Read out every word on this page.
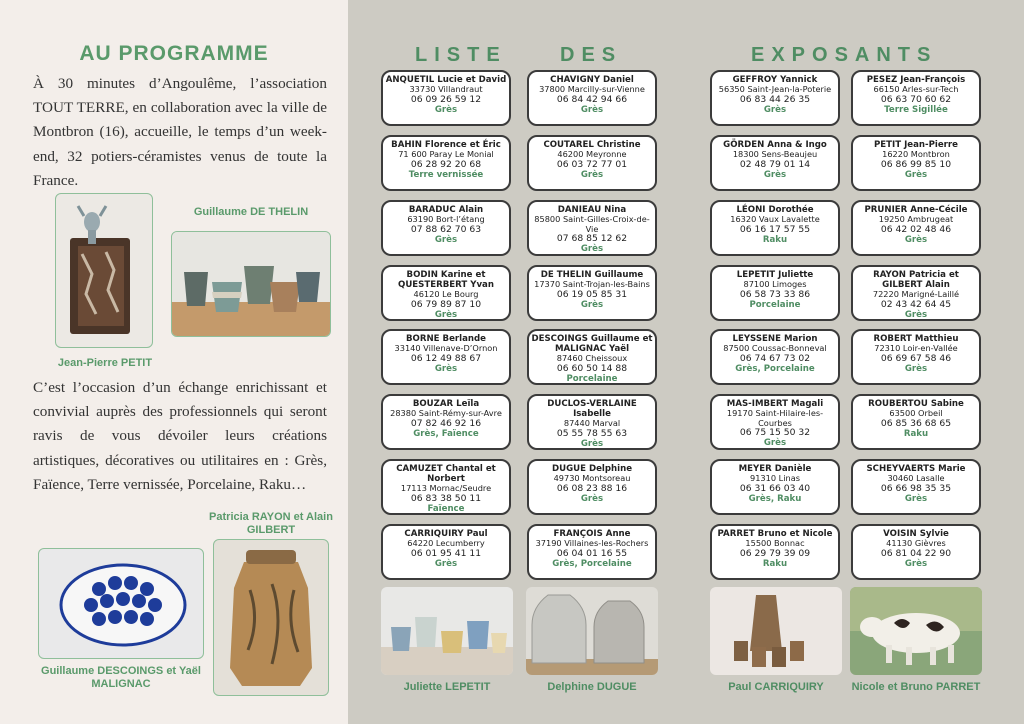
AU PROGRAMME

À 30 minutes d’Angoulême, l’association TOUT TERRE, en collaboration avec la ville de Montbron (16), accueille, le temps d’un week-end, 32 potiers-céramistes venus de toute la France.

Jean-Pierre PETIT
Guillaume DE THELIN

C’est l’occasion d’un échange enrichissant et convivial auprès des professionnels qui seront ravis de vous dévoiler leurs créations artistiques, décoratives ou utilitaires en : Grès, Faïence, Terre vernissée, Porcelaine, Raku…

Patricia RAYON et Alain GILBERT
Guillaume DESCOINGS et Yaël MALIGNAC
LISTE	DES	EXPOSANTS
ANQUETIL Lucie et David
33730 Villandraut
06 09 26 59 12
Grès
BAHIN Florence et Éric
71 600 Paray Le Monial
06 28 92 20 68
Terre vernissée
BARADUC Alain
63190 Bort-l’étang
07 88 62 70 63
Grès
BODIN Karine et QUESTERBERT Yvan
46120 Le Bourg
06 79 89 87 10
Grès
BORNE Berlande
33140 Villenave-D’Ornon
06 12 49 88 67
Grès
BOUZAR Leïla
28380 Saint-Rémy-sur-Avre
07 82 46 92 16
Grès, Faïence
CAMUZET Chantal et Norbert
17113 Mornac/Seudre
06 83 38 50 11
Faïence
CARRIQUIRY Paul
64220 Lecumberry
06 01 95 41 11
Grès
CHAVIGNY Daniel
37800 Marcilly-sur-Vienne
06 84 42 94 66
Grès
COUTAREL Christine
46200 Meyronne
06 03 72 77 01
Grès
DANIEAU Nina
85800 Saint-Gilles-Croix-de-Vie
07 68 85 12 62
Grès
DE THELIN Guillaume
17370 Saint-Trojan-les-Bains
06 19 05 85 31
Grès
DESCOINGS Guillaume et MALIGNAC Yaël
87460 Cheissoux
06 60 50 14 88
Porcelaine
DUCLOS-VERLAINE Isabelle
87440 Marval
05 55 78 55 63
Grès
DUGUE Delphine
49730 Montsoreau
06 08 23 88 16
Grès
FRANÇOIS Anne
37190 Villaines-les-Rochers
06 04 01 16 55
Grès, Porcelaine
GEFFROY Yannick
56350 Saint-Jean-la-Poterie
06 83 44 26 35
Grès
GÖRDEN Anna & Ingo
18300 Sens-Beaujeu
02 48 79 01 14
Grès
LÉONI Dorothée
16320 Vaux Lavalette
06 16 17 57 55
Raku
LEPETIT Juliette
87100 Limoges
06 58 73 33 86
Porcelaine
LEYSSENE Marion
87500 Coussac-Bonneval
06 74 67 73 02
Grès, Porcelaine
MAS-IMBERT Magali
19170 Saint-Hilaire-les-Courbes
06 75 15 50 32
Grès
MEYER Danièle
91310 Linas
06 31 66 03 40
Grès, Raku
PARRET Bruno et Nicole
15500 Bonnac
06 29 79 39 09
Raku
PESEZ Jean-François
66150 Arles-sur-Tech
06 63 70 60 62
Terre Sigillée
PETIT Jean-Pierre
16220 Montbron
06 86 99 85 10
Grès
PRUNIER Anne-Cécile
19250 Ambrugeat
06 42 02 48 46
Grès
RAYON Patricia et GILBERT Alain
72220 Marigné-Laillé
02 43 42 64 45
Grès
ROBERT Matthieu
72310 Loir-en-Vallée
06 69 67 58 46
Grès
ROUBERTOU Sabine
63500 Orbeil
06 85 36 68 65
Raku
SCHEYVAERTS Marie
30460 Lasalle
06 66 98 35 35
Grès
VOISIN Sylvie
41130 Gièvres
06 81 04 22 90
Grès
Juliette LEPETIT	Delphine DUGUE	Paul CARRIQUIRY	Nicole et Bruno PARRET
